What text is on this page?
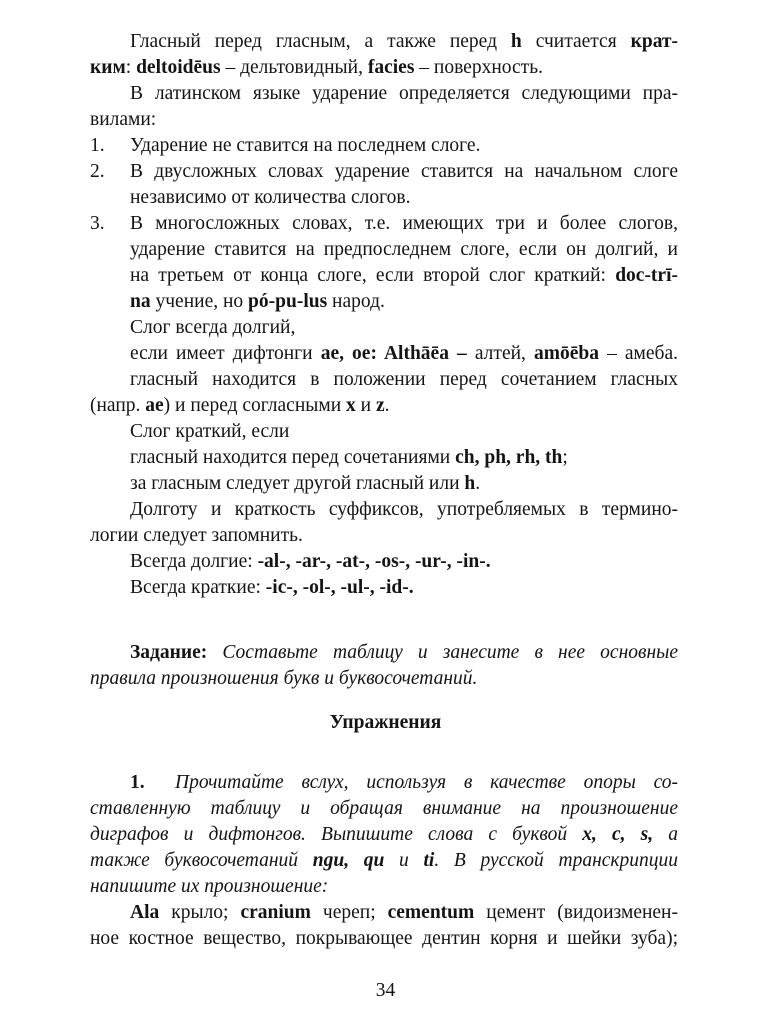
Гласный перед гласным, а также перед h считается крат-
ким: deltoidēus – дельтовидный, facies – поверхность.
В латинском языке ударение определяется следующими пра-
вилами:
1. Ударение не ставится на последнем слоге.
2. В двусложных словах ударение ставится на начальном слоге
независимо от количества слогов.
3. В многосложных словах, т.е. имеющих три и более слогов,
ударение ставится на предпоследнем слоге, если он долгий, и
на третьем от конца слоге, если второй слог краткий: doc-trī-
na учение, но pó-pu-lus народ.
Слог всегда долгий,
если имеет дифтонги ae, oe: Althāēa – алтей, amōēba – амеба.
гласный находится в положении перед сочетанием гласных
(напр. ae) и перед согласными x и z.
Слог краткий, если
гласный находится перед сочетаниями ch, ph, rh, th;
за гласным следует другой гласный или h.
Долготу и краткость суффиксов, употребляемых в термино-
логии следует запомнить.
Всегда долгие: -al-, -ar-, -at-, -os-, -ur-, -in-.
Всегда краткие: -ic-, -ol-, -ul-, -id-.
Задание: Составьте таблицу и занесите в нее основные
правила произношения букв и буквосочетаний.
Упражнения
1. Прочитайте вслух, используя в качестве опоры со-
ставленную таблицу и обращая внимание на произношение
диграфов и дифтонгов. Выпишите слова с буквой x, c, s, а
также буквосочетаний ngu, qu и ti. В русской транскрипции
напишите их произношение:
Ala крыло; cranium череп; cementum цемент (видоизменен-
ное костное вещество, покрывающее дентин корня и шейки зуба);
34
